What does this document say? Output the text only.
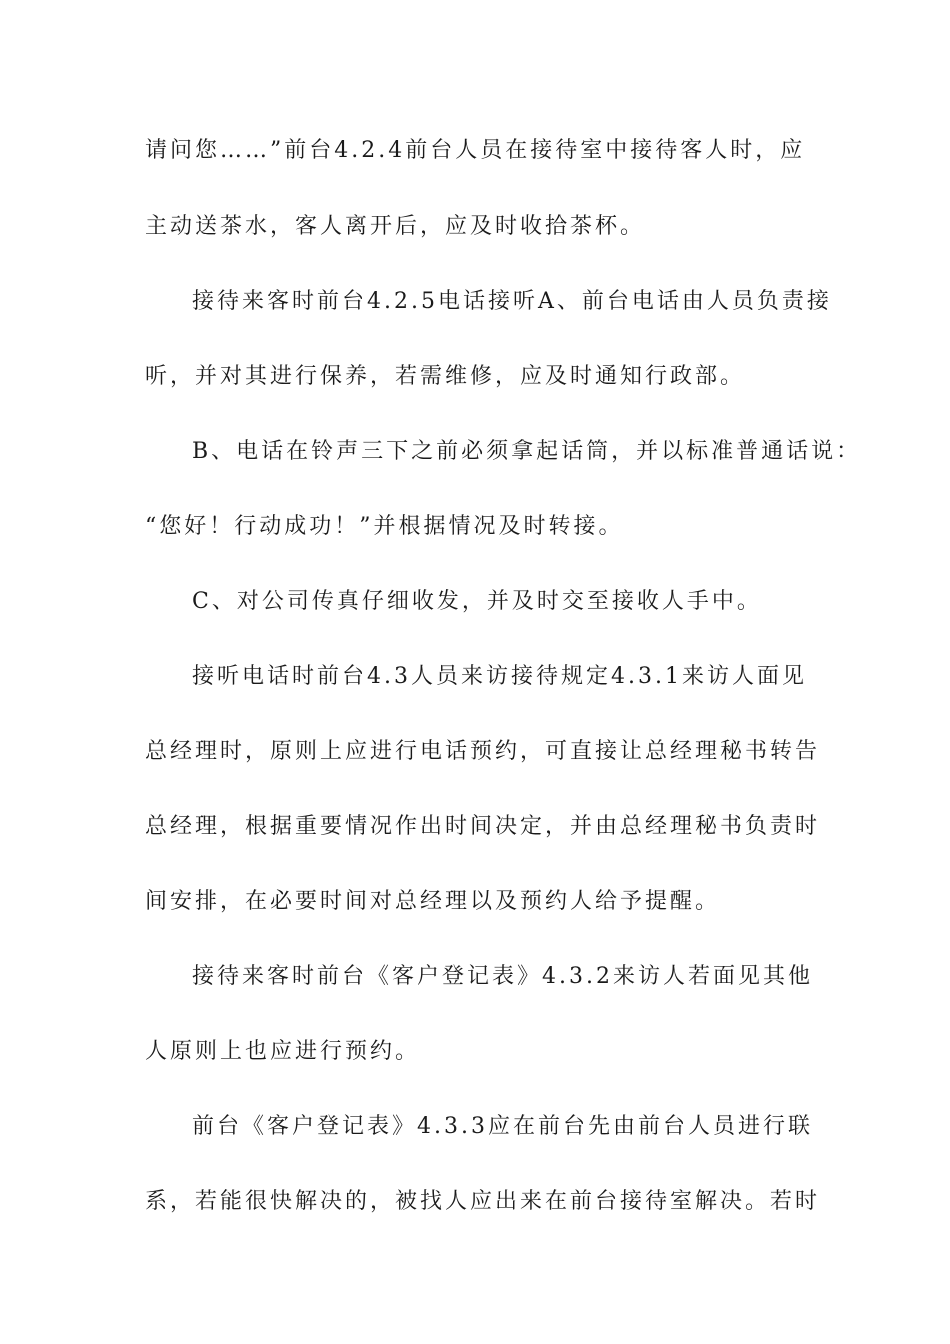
请问您……”前台4.2.4前台人员在接待室中接待客人时，应
主动送茶水，客人离开后，应及时收拾茶杯。
接待来客时前台4.2.5电话接听A、前台电话由人员负责接
听，并对其进行保养，若需维修，应及时通知行政部。
B、电话在铃声三下之前必须拿起话筒，并以标准普通话说：
“您好！行动成功！”并根据情况及时转接。
C、对公司传真仔细收发，并及时交至接收人手中。
接听电话时前台4.3人员来访接待规定4.3.1来访人面见
总经理时，原则上应进行电话预约，可直接让总经理秘书转告
总经理，根据重要情况作出时间决定，并由总经理秘书负责时
间安排，在必要时间对总经理以及预约人给予提醒。
接待来客时前台《客户登记表》4.3.2来访人若面见其他
人原则上也应进行预约。
前台《客户登记表》4.3.3应在前台先由前台人员进行联
系，若能很快解决的，被找人应出来在前台接待室解决。若时
